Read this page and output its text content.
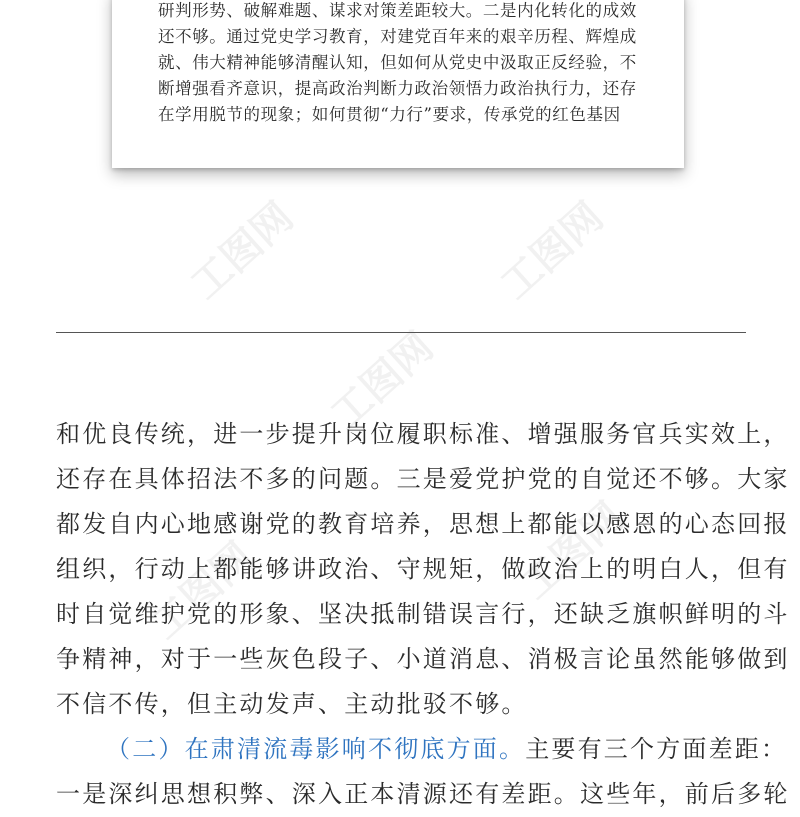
工图网	工图网
工图网
工图网	工图网

研判形势、破解难题、谋求对策差距较大。二是内化转化的成效
还不够。通过党史学习教育，对建党百年来的艰辛历程、辉煌成
就、伟大精神能够清醒认知，但如何从党史中汲取正反经验，不
断增强看齐意识，提高政治判断力政治领悟力政治执行力，还存
在学用脱节的现象；如何贯彻“力行”要求，传承党的红色基因

和优良传统，进一步提升岗位履职标准、增强服务官兵实效上，
还存在具体招法不多的问题。三是爱党护党的自觉还不够。大家
都发自内心地感谢党的教育培养，思想上都能以感恩的心态回报
组织，行动上都能够讲政治、守规矩，做政治上的明白人，但有
时自觉维护党的形象、坚决抵制错误言行，还缺乏旗帜鲜明的斗
争精神，对于一些灰色段子、小道消息、消极言论虽然能够做到
不信不传，但主动发声、主动批驳不够。
（二）在肃清流毒影响不彻底方面。主要有三个方面差距：
一是深纠思想积弊、深入正本清源还有差距。这些年，前后多轮
